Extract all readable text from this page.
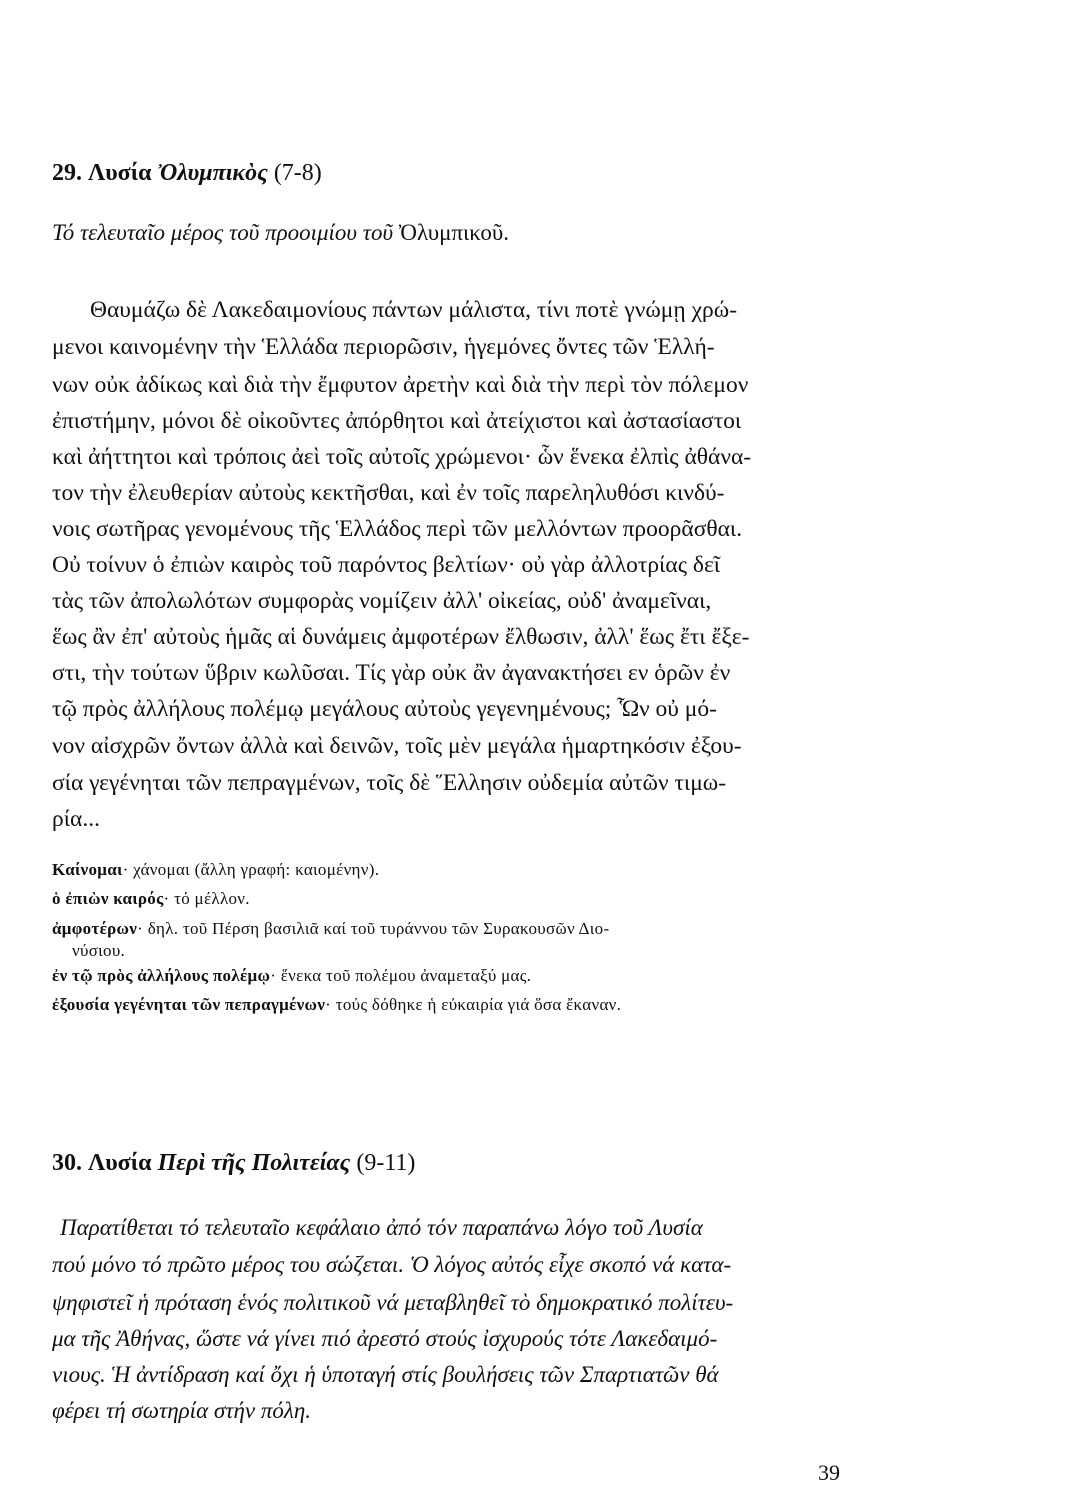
29. Λυσία Ὀλυμπικὸς (7-8)
Τό τελευταῖο μέρος τοῦ προοιμίου τοῦ Ὀλυμπικοῦ.

Θαυμάζω δὲ Λακεδαιμονίους πάντων μάλιστα, τίνι ποτὲ γνώμῃ χρώ-

μενοι καινομένην τὴν Ἑλλάδα περιορῶσιν, ἡγεμόνες ὄντες τῶν Ἑλλή-

νων οὐκ ἀδίκως καὶ διὰ τὴν ἔμφυτον ἀρετὴν καὶ διὰ τὴν περὶ τὸν πόλεμον

ἐπιστήμην, μόνοι δὲ οἰκοῦντες ἀπόρθητοι καὶ ἀτείχιστοι καὶ ἀστασίαστοι

καὶ ἀήττητοι καὶ τρόποις ἀεὶ τοῖς αὐτοῖς χρώμενοι· ὧν ἕνεκα ἐλπὶς ἀθάνα-

τον τὴν ἐλευθερίαν αὐτοὺς κεκτῆσθαι, καὶ ἐν τοῖς παρεληλυθόσι κινδύ-

νοις σωτῆρας γενομένους τῆς Ἑλλάδος περὶ τῶν μελλόντων προορᾶσθαι.

Οὐ τοίνυν ὁ ἐπιὼν καιρὸς τοῦ παρόντος βελτίων· οὐ γὰρ ἀλλοτρίας δεῖ

τὰς τῶν ἀπολωλότων συμφορὰς νομίζειν ἀλλ' οἰκείας, οὐδ' ἀναμεῖναι,

ἕως ἂν ἐπ' αὐτοὺς ἡμᾶς αἱ δυνάμεις ἀμφοτέρων ἔλθωσιν, ἀλλ' ἕως ἔτι ἔξε-

στι, τὴν τούτων ὕβριν κωλῦσαι. Τίς γὰρ οὐκ ἂν ἀγανακτήσει εν ὁρῶν ἐν

τῷ πρὸς ἀλλήλους πολέμῳ μεγάλους αὐτοὺς γεγενημένους; Ὧν οὐ μό-

νον αἰσχρῶν ὄντων ἀλλὰ καὶ δεινῶν, τοῖς μὲν μεγάλα ἡμαρτηκόσιν ἐξου-

σία γεγένηται τῶν πεπραγμένων, τοῖς δὲ Ἕλλησιν οὐδεμία αὐτῶν τιμω-

ρία...

Καίνομαι· χάνομαι (ἄλλη γραφή: καιομένην).
ὁ ἐπιὼν καιρός· τό μέλλον.
ἀμφοτέρων· δηλ. τοῦ Πέρση βασιλιᾶ καί τοῦ τυράννου τῶν Συρακουσῶν Διο-
νύσιου.
ἐν τῷ πρὸς ἀλλήλους πολέμῳ· ἕνεκα τοῦ πολέμου ἀναμεταξύ μας.
ἐξουσία γεγένηται τῶν πεπραγμένων· τούς δόθηκε ἡ εὐκαιρία γιά ὅσα ἔκαναν.
30. Λυσία Περὶ τῆς Πολιτείας (9-11)

Παρατίθεται τό τελευταῖο κεφάλαιο ἀπό τόν παραπάνω λόγο τοῦ Λυσία

πού μόνο τό πρῶτο μέρος του σώζεται. Ὁ λόγος αὐτός εἶχε σκοπό νά κατα-

ψηφιστεῖ ἡ πρόταση ἑνός πολιτικοῦ νά μεταβληθεῖ τὸ δημοκρατικό πολίτευ-

μα τῆς Ἀθήνας, ὥστε νά γίνει πιό ἀρεστό στούς ἰσχυρούς τότε Λακεδαιμό-

νιους. Ἡ ἀντίδραση καί ὄχι ἡ ὑποταγή στίς βουλήσεις τῶν Σπαρτιατῶν θά

φέρει τή σωτηρία στήν πόλη.

39
